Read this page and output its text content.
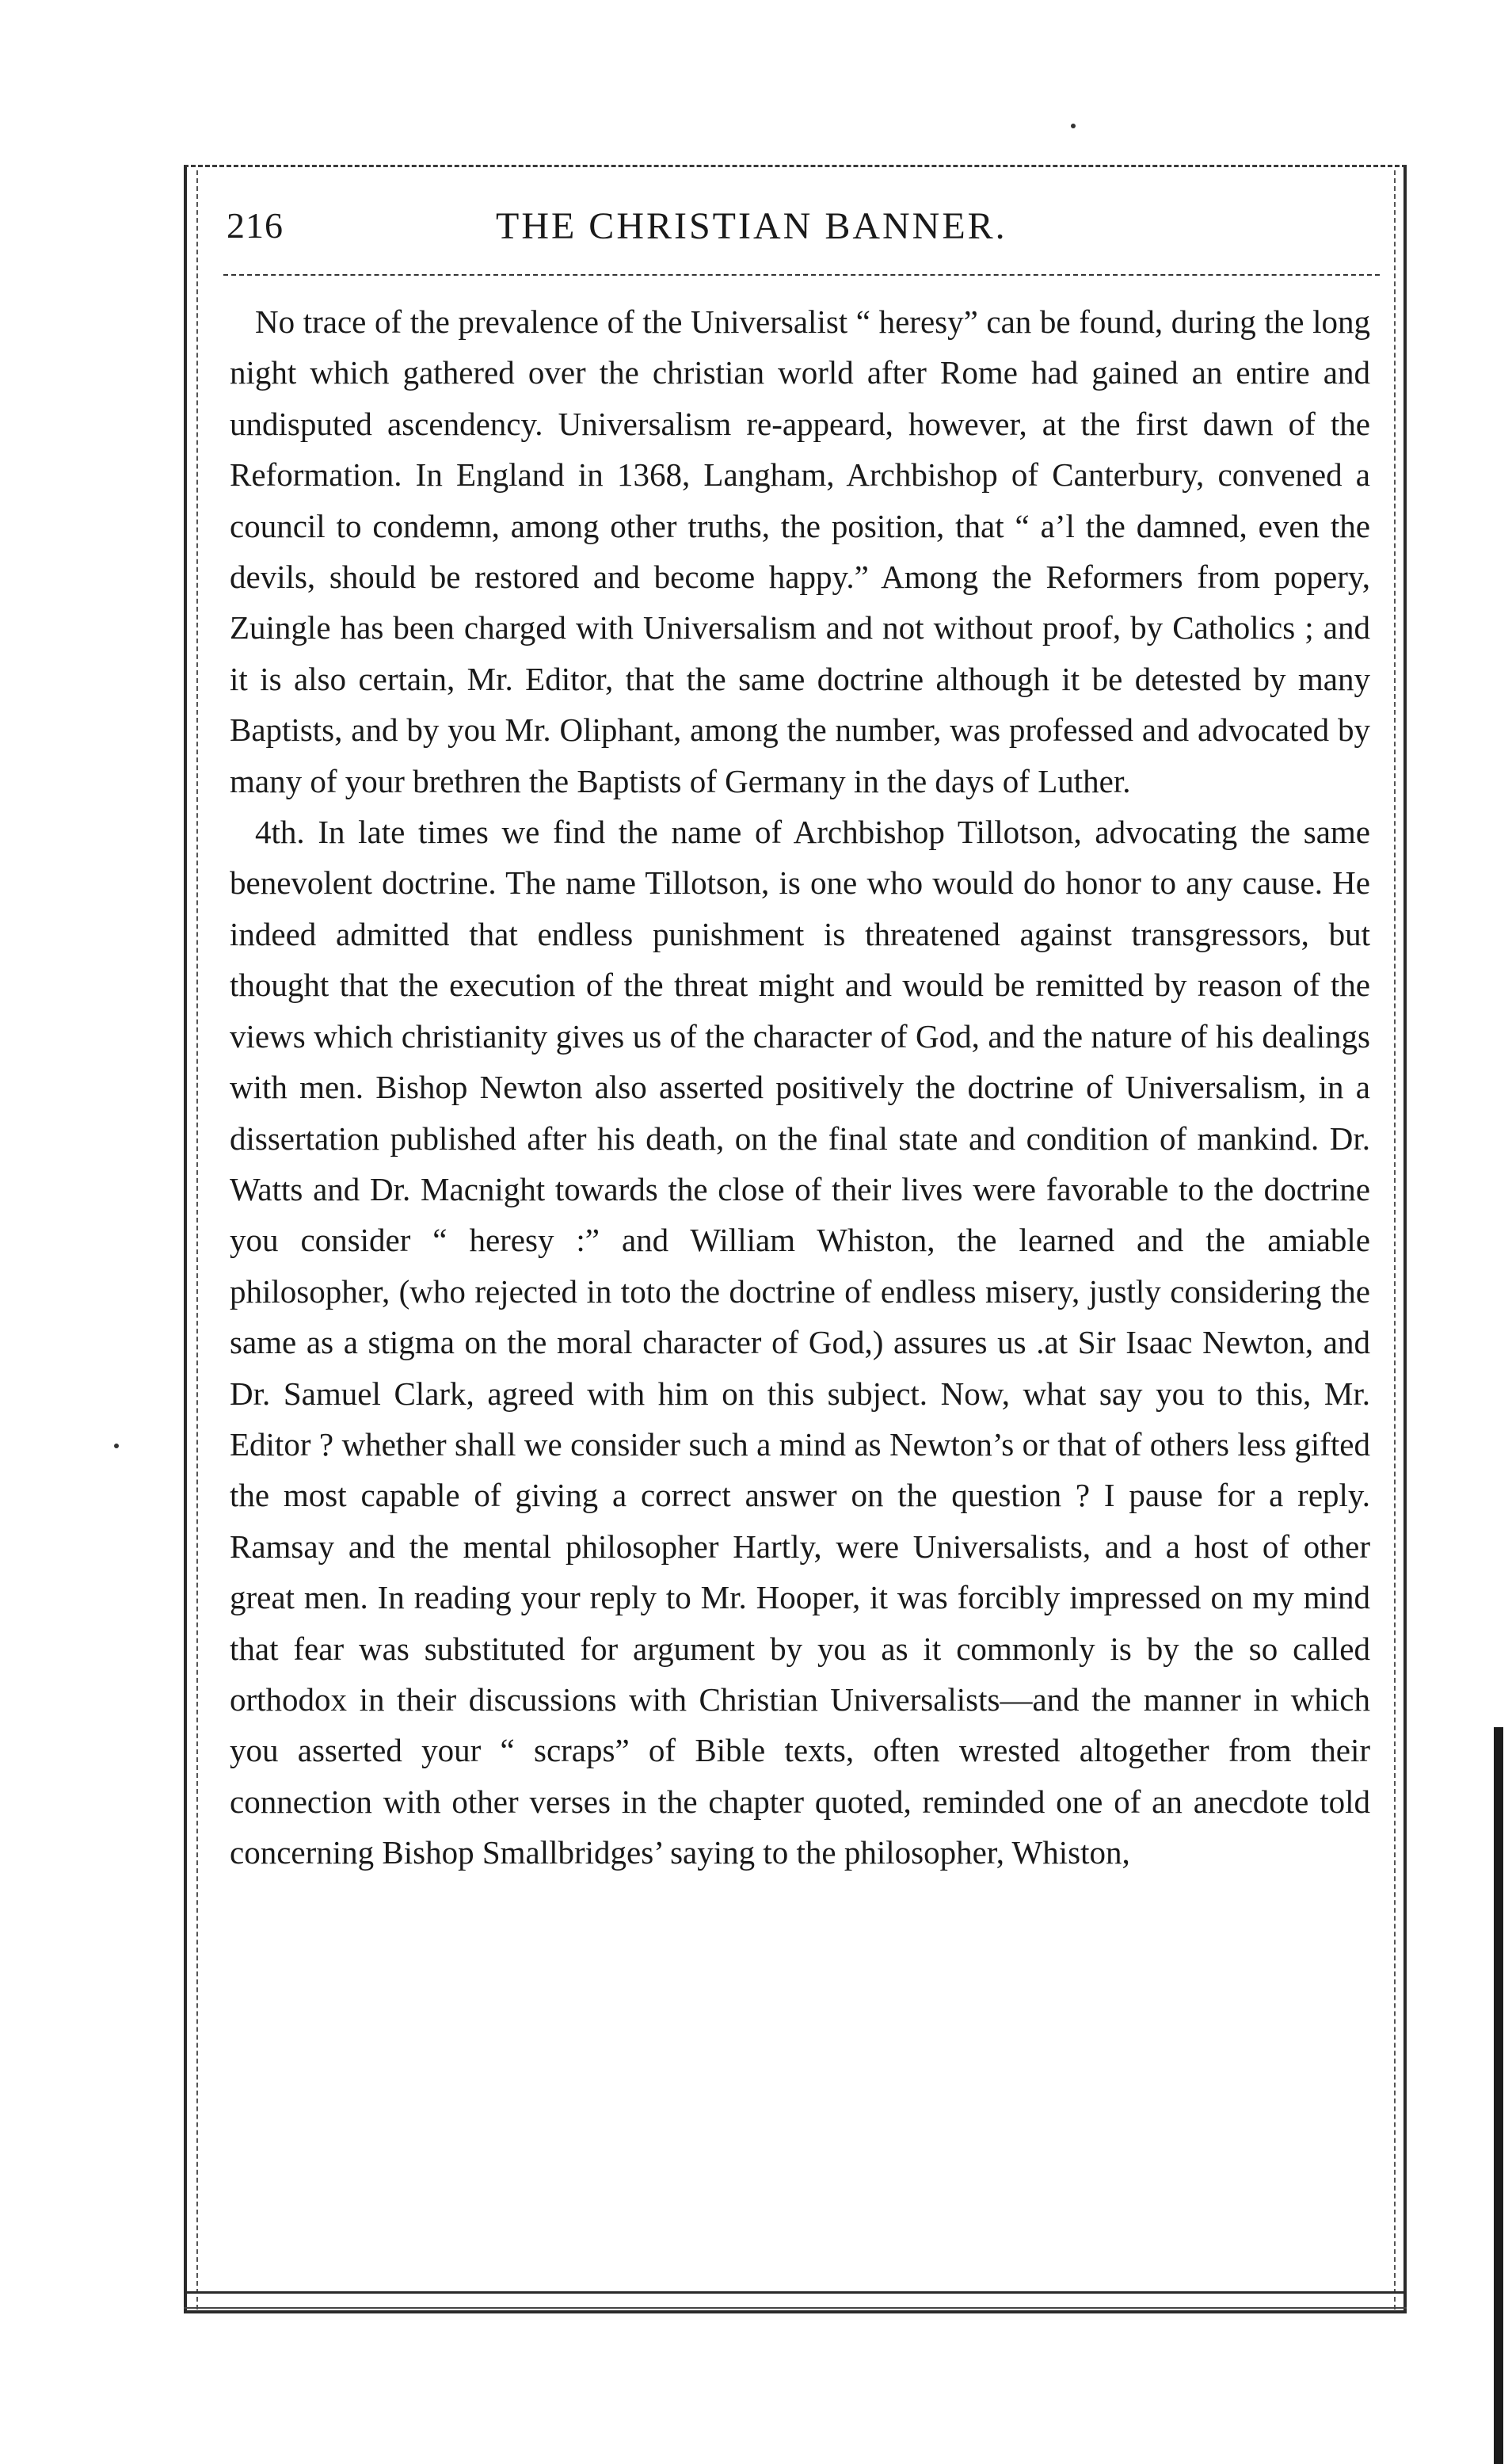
216	THE CHRISTIAN BANNER.

No trace of the prevalence of the Universalist “ heresy” can be found, during the long night which gathered over the christian world after Rome had gained an entire and undisputed ascendency. Universalism re-appeard, however, at the first dawn of the Reformation. In England in 1368, Langham, Archbishop of Canterbury, convened a council to condemn, among other truths, the position, that “ a’l the damned, even the devils, should be restored and become happy.” Among the Reformers from popery, Zuingle has been charged with Universalism and not without proof, by Catholics ; and it is also certain, Mr. Editor, that the same doctrine although it be detested by many Baptists, and by you Mr. Oliphant, among the number, was professed and advocated by many of your brethren the Baptists of Germany in the days of Luther.

4th. In late times we find the name of Archbishop Tillotson, advocating the same benevolent doctrine. The name Tillotson, is one who would do honor to any cause. He indeed admitted that endless punishment is threatened against transgressors, but thought that the execution of the threat might and would be remitted by reason of the views which christianity gives us of the character of God, and the nature of his dealings with men. Bishop Newton also asserted positively the doctrine of Universalism, in a dissertation published after his death, on the final state and condition of mankind. Dr. Watts and Dr. Macnight towards the close of their lives were favorable to the doctrine you consider “ heresy :” and William Whiston, the learned and the amiable philosopher, (who rejected in toto the doctrine of endless misery, justly considering the same as a stigma on the moral character of God,) assures us .at Sir Isaac Newton, and Dr. Samuel Clark, agreed with him on this subject. Now, what say you to this, Mr. Editor ? whether shall we consider such a mind as Newton’s or that of others less gifted the most capable of giving a correct answer on the question ? I pause for a reply. Ramsay and the mental philosopher Hartly, were Universalists, and a host of other great men. In reading your reply to Mr. Hooper, it was forcibly impressed on my mind that fear was substituted for argument by you as it commonly is by the so called orthodox in their discussions with Christian Universalists—and the manner in which you asserted your “ scraps” of Bible texts, often wrested altogether from their connection with other verses in the chapter quoted, reminded one of an anecdote told concerning Bishop Smallbridges’ saying to the philosopher, Whiston,
